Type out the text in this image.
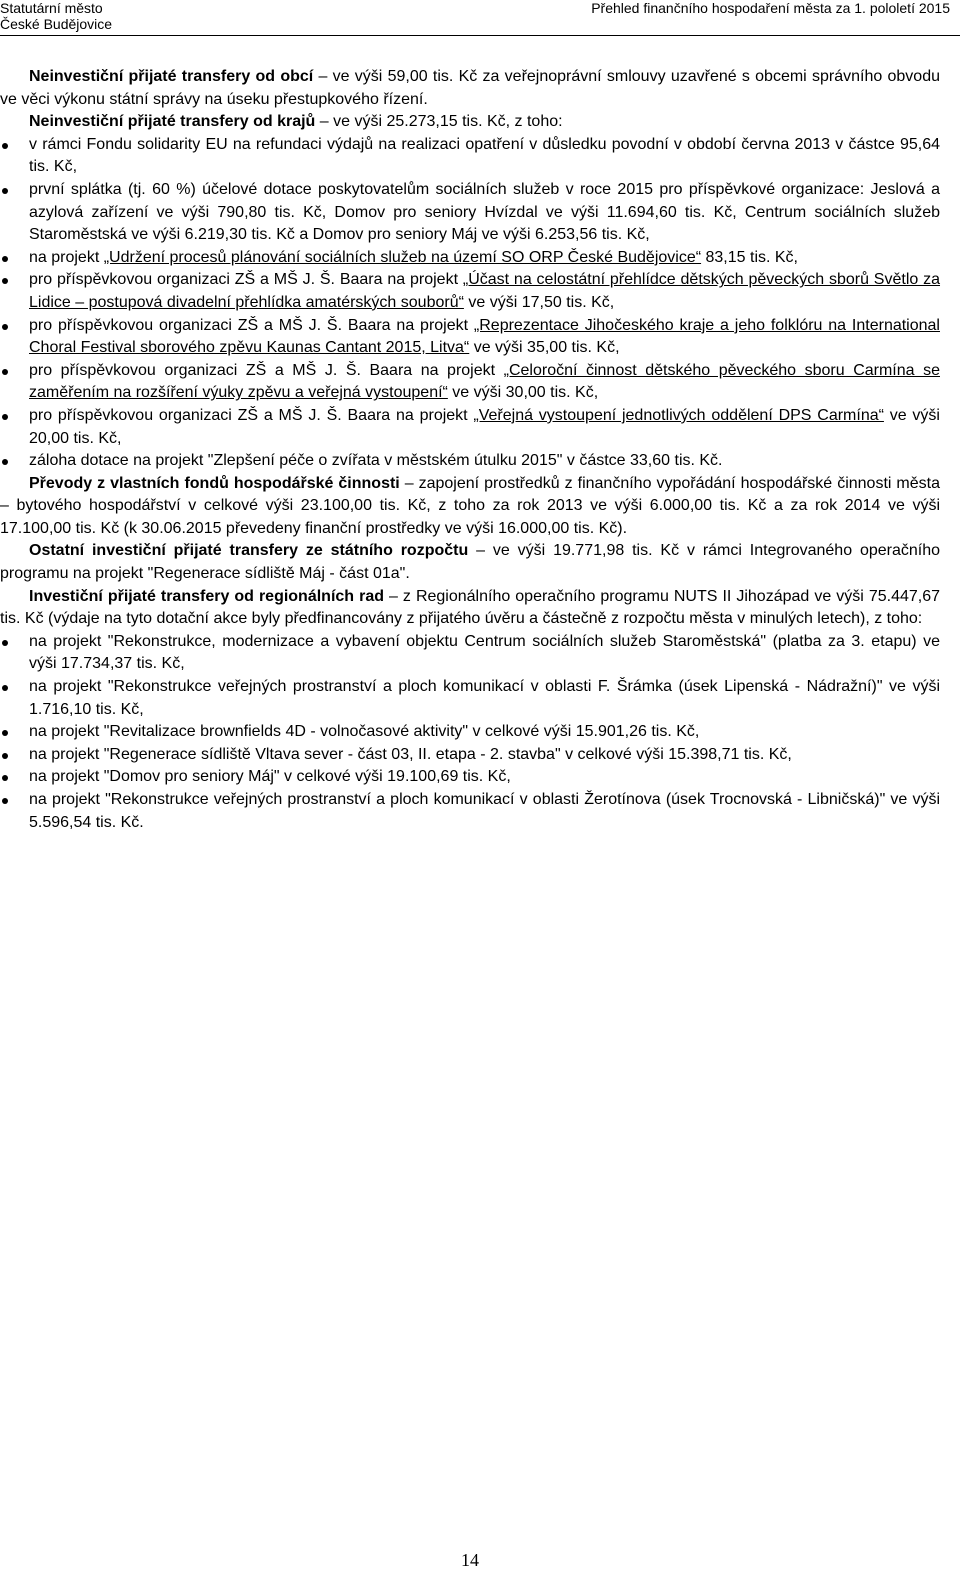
Statutární město
České Budějovice
Přehled finančního hospodaření města za 1. pololetí 2015

Neinvestiční přijaté transfery od obcí – ve výši 59,00 tis. Kč za veřejnoprávní smlouvy uzavřené s obcemi správního obvodu ve věci výkonu státní správy na úseku přestupkového řízení.

Neinvestiční přijaté transfery od krajů – ve výši 25.273,15 tis. Kč, z toho:

v rámci Fondu solidarity EU na refundaci výdajů na realizaci opatření v důsledku povodní v období června 2013 v částce 95,64 tis. Kč,
první splátka (tj. 60 %) účelové dotace poskytovatelům sociálních služeb v roce 2015 pro příspěvkové organizace: Jeslová a azylová zařízení ve výši 790,80 tis. Kč, Domov pro seniory Hvízdal ve výši 11.694,60 tis. Kč, Centrum sociálních služeb Staroměstská ve výši 6.219,30 tis. Kč a Domov pro seniory Máj ve výši 6.253,56 tis. Kč,
na projekt „Udržení procesů plánování sociálních služeb na území SO ORP České Budějovice“ 83,15 tis. Kč,
pro příspěvkovou organizaci ZŠ a MŠ J. Š. Baara na projekt „Účast na celostátní přehlídce dětských pěveckých sborů Světlo za Lidice – postupová divadelní přehlídka amatérských souborů“ ve výši 17,50 tis. Kč,
pro příspěvkovou organizaci ZŠ a MŠ J. Š. Baara na projekt „Reprezentace Jihočeského kraje a jeho folklóru na International Choral Festival sborového zpěvu Kaunas Cantant 2015, Litva“ ve výši 35,00 tis. Kč,
pro příspěvkovou organizaci ZŠ a MŠ J. Š. Baara na projekt „Celoroční činnost dětského pěveckého sboru Carmína se zaměřením na rozšíření výuky zpěvu a veřejná vystoupení“ ve výši 30,00 tis. Kč,
pro příspěvkovou organizaci ZŠ a MŠ J. Š. Baara na projekt „Veřejná vystoupení jednotlivých oddělení DPS Carmína“ ve výši 20,00 tis. Kč,
záloha dotace na projekt "Zlepšení péče o zvířata v městském útulku 2015" v částce 33,60 tis. Kč.

Převody z vlastních fondů hospodářské činnosti – zapojení prostředků z finančního vypořádání hospodářské činnosti města – bytového hospodářství v celkové výši 23.100,00 tis. Kč, z toho za rok 2013 ve výši 6.000,00 tis. Kč a za rok 2014 ve výši 17.100,00 tis. Kč (k 30.06.2015 převedeny finanční prostředky ve výši 16.000,00 tis. Kč).

Ostatní investiční přijaté transfery ze státního rozpočtu – ve výši 19.771,98 tis. Kč v rámci Integrovaného operačního programu na projekt "Regenerace sídliště Máj - část 01a".

Investiční přijaté transfery od regionálních rad – z Regionálního operačního programu NUTS II Jihozápad ve výši 75.447,67 tis. Kč (výdaje na tyto dotační akce byly předfinancovány z přijatého úvěru a částečně z rozpočtu města v minulých letech), z toho:

na projekt "Rekonstrukce, modernizace a vybavení objektu Centrum sociálních služeb Staroměstská" (platba za 3. etapu) ve výši 17.734,37 tis. Kč,
na projekt "Rekonstrukce veřejných prostranství a ploch komunikací v oblasti F. Šrámka (úsek Lipenská - Nádražní)" ve výši 1.716,10 tis. Kč,
na projekt "Revitalizace brownfields 4D - volnočasové aktivity" v celkové výši 15.901,26 tis. Kč,
na projekt "Regenerace sídliště Vltava sever - část 03, II. etapa - 2. stavba" v celkové výši 15.398,71 tis. Kč,
na projekt "Domov pro seniory Máj" v celkové výši 19.100,69 tis. Kč,
na projekt "Rekonstrukce veřejných prostranství a ploch komunikací v oblasti Žerotínova (úsek Trocnovská - Libničská)" ve výši 5.596,54 tis. Kč.
14
